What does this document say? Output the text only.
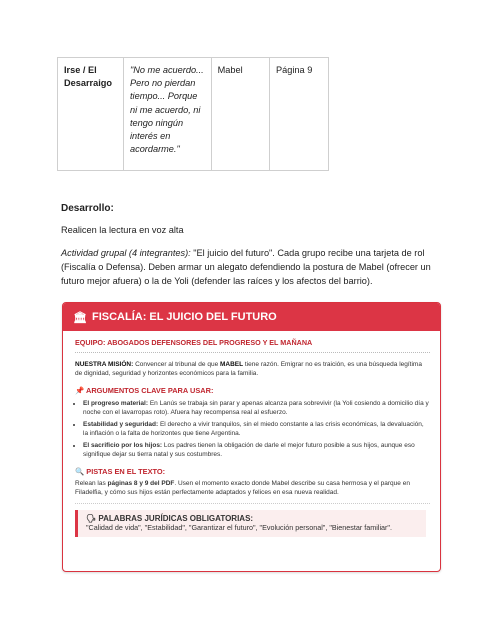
Irse / El Desarraigo	"No me acuerdo... Pero no pierdan tiempo... Porque ni me acuerdo, ni tengo ningún interés en acordarme."	Mabel	Página 9
Desarrollo:
Realicen la lectura en voz alta
Actividad grupal (4 integrantes): "El juicio del futuro". Cada grupo recibe una tarjeta de rol (Fiscalía o Defensa). Deben armar un alegato defendiendo la postura de Mabel (ofrecer un futuro mejor afuera) o la de Yoli (defender las raíces y los afectos del barrio).
🏛 FISCALÍA: EL JUICIO DEL FUTURO
EQUIPO: ABOGADOS DEFENSORES DEL PROGRESO Y EL MAÑANA
NUESTRA MISIÓN: Convencer al tribunal de que MABEL tiene razón. Emigrar no es traición, es una búsqueda legítima de dignidad, seguridad y horizontes económicos para la familia.
📌 ARGUMENTOS CLAVE PARA USAR:
• El progreso material: En Lanús se trabaja sin parar y apenas alcanza para sobrevivir (la Yoli cosiendo a domicilio día y noche con el lavarropas roto). Afuera hay recompensa real al esfuerzo.
• Estabilidad y seguridad: El derecho a vivir tranquilos, sin el miedo constante a las crisis económicas, la devaluación, la inflación o la falta de horizontes que tiene Argentina.
• El sacrificio por los hijos: Los padres tienen la obligación de darle el mejor futuro posible a sus hijos, aunque eso signifique dejar su tierra natal y sus costumbres.
🔍 PISTAS EN EL TEXTO:
Relean las páginas 8 y 9 del PDF. Usen el momento exacto donde Mabel describe su casa hermosa y el parque en Filadelfia, y cómo sus hijos están perfectamente adaptados y felices en esa nueva realidad.
🗣 PALABRAS JURÍDICAS OBLIGATORIAS:
"Calidad de vida", "Estabilidad", "Garantizar el futuro", "Evolución personal", "Bienestar familiar".
